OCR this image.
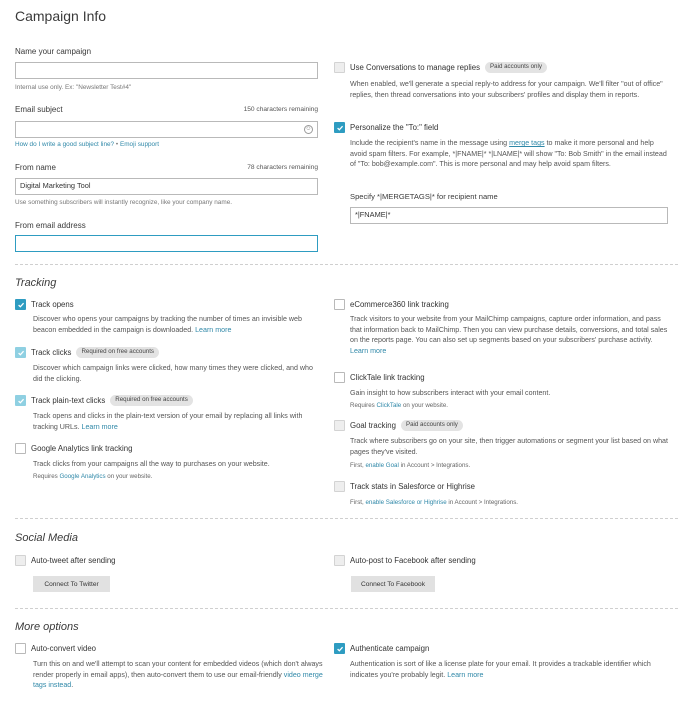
Campaign Info
Name your campaign
Internal use only. Ex: "Newsletter Test#4"
Email subject	150 characters remaining
☺
How do I write a good subject line? • Emoji support
From name	78 characters remaining
Digital Marketing Tool
Use something subscribers will instantly recognize, like your company name.
From email address
Use Conversations to manage replies	Paid accounts only
When enabled, we'll generate a special reply-to address for your campaign. We'll filter "out of office" replies, then thread conversations into your subscribers' profiles and display them in reports.
Personalize the "To:" field
Include the recipient's name in the message using merge tags to make it more personal and help avoid spam filters. For example, *|FNAME|* *|LNAME|* will show "To: Bob Smith" in the email instead of "To: bob@example.com". This is more personal and may help avoid spam filters.
Specify *|MERGETAGS|* for recipient name
*|FNAME|*
Tracking
Track opens
Discover who opens your campaigns by tracking the number of times an invisible web beacon embedded in the campaign is downloaded. Learn more
Track clicks	Required on free accounts
Discover which campaign links were clicked, how many times they were clicked, and who did the clicking.
Track plain-text clicks	Required on free accounts
Track opens and clicks in the plain-text version of your email by replacing all links with tracking URLs. Learn more
Google Analytics link tracking
Track clicks from your campaigns all the way to purchases on your website.
Requires Google Analytics on your website.
eCommerce360 link tracking
Track visitors to your website from your MailChimp campaigns, capture order information, and pass that information back to MailChimp. Then you can view purchase details, conversions, and total sales on the reports page. You can also set up segments based on your subscribers' purchase activity. Learn more
ClickTale link tracking
Gain insight to how subscribers interact with your email content.
Requires ClickTale on your website.
Goal tracking	Paid accounts only
Track where subscribers go on your site, then trigger automations or segment your list based on what pages they've visited.
First, enable Goal in Account > Integrations.
Track stats in Salesforce or Highrise
First, enable Salesforce or Highrise in Account > Integrations.
Social Media
Auto-tweet after sending
Connect To Twitter
Auto-post to Facebook after sending
Connect To Facebook
More options
Auto-convert video
Turn this on and we'll attempt to scan your content for embedded videos (which don't always render properly in email apps), then auto-convert them to use our email-friendly video merge tags instead.
Authenticate campaign
Authentication is sort of like a license plate for your email. It provides a trackable identifier which indicates you're probably legit. Learn more
